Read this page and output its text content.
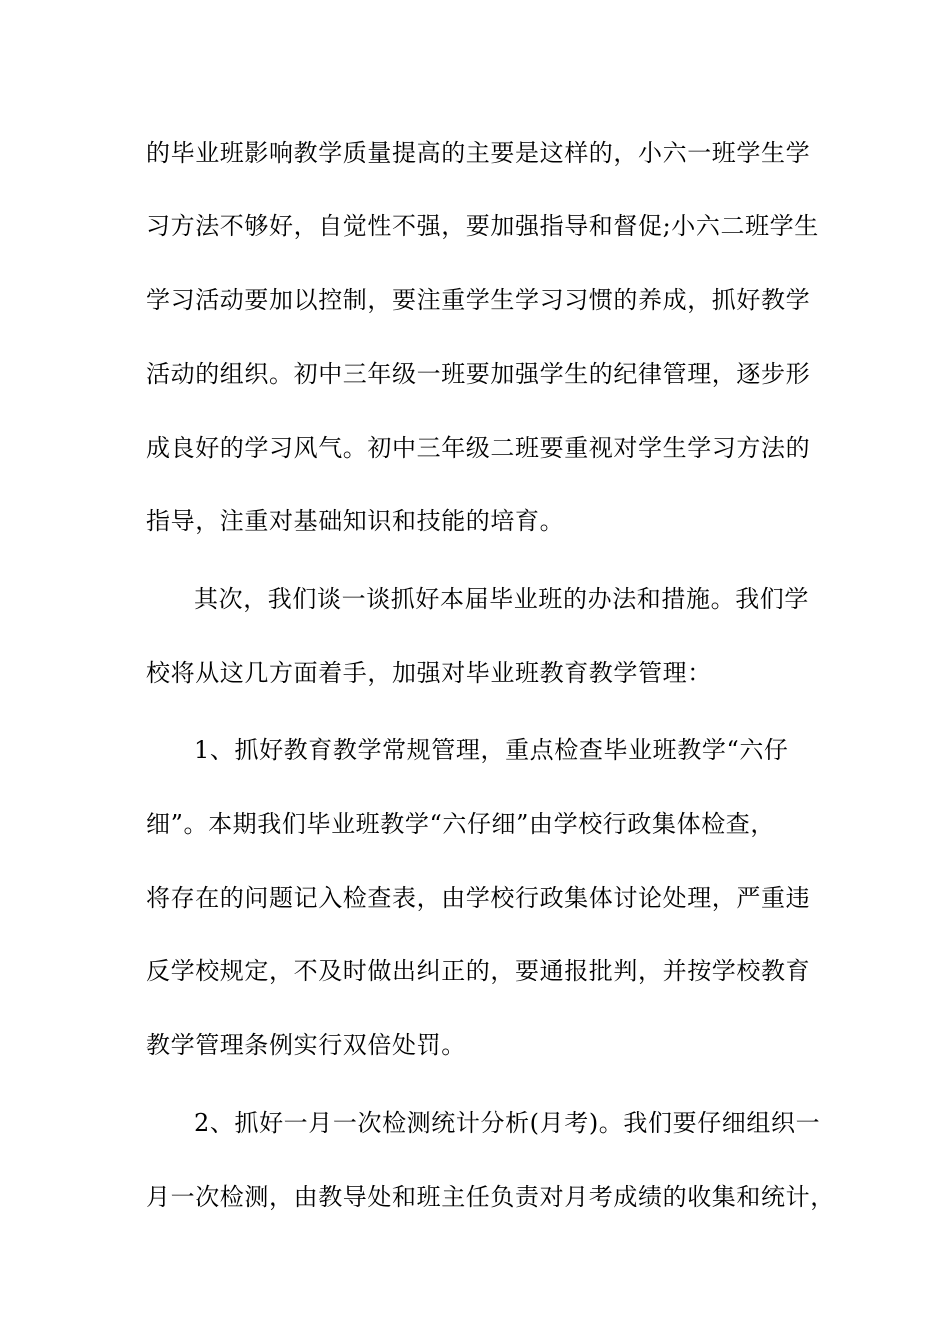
的毕业班影响教学质量提高的主要是这样的，小六一班学生学
习方法不够好，自觉性不强，要加强指导和督促;小六二班学生
学习活动要加以控制，要注重学生学习习惯的养成，抓好教学
活动的组织。初中三年级一班要加强学生的纪律管理，逐步形
成良好的学习风气。初中三年级二班要重视对学生学习方法的
指导，注重对基础知识和技能的培育。
其次，我们谈一谈抓好本届毕业班的办法和措施。我们学
校将从这几方面着手，加强对毕业班教育教学管理：
1、抓好教育教学常规管理，重点检查毕业班教学“六仔
细”。本期我们毕业班教学“六仔细”由学校行政集体检查，
将存在的问题记入检查表，由学校行政集体讨论处理，严重违
反学校规定，不及时做出纠正的，要通报批判，并按学校教育
教学管理条例实行双倍处罚。
2、抓好一月一次检测统计分析(月考)。我们要仔细组织一
月一次检测，由教导处和班主任负责对月考成绩的收集和统计，
